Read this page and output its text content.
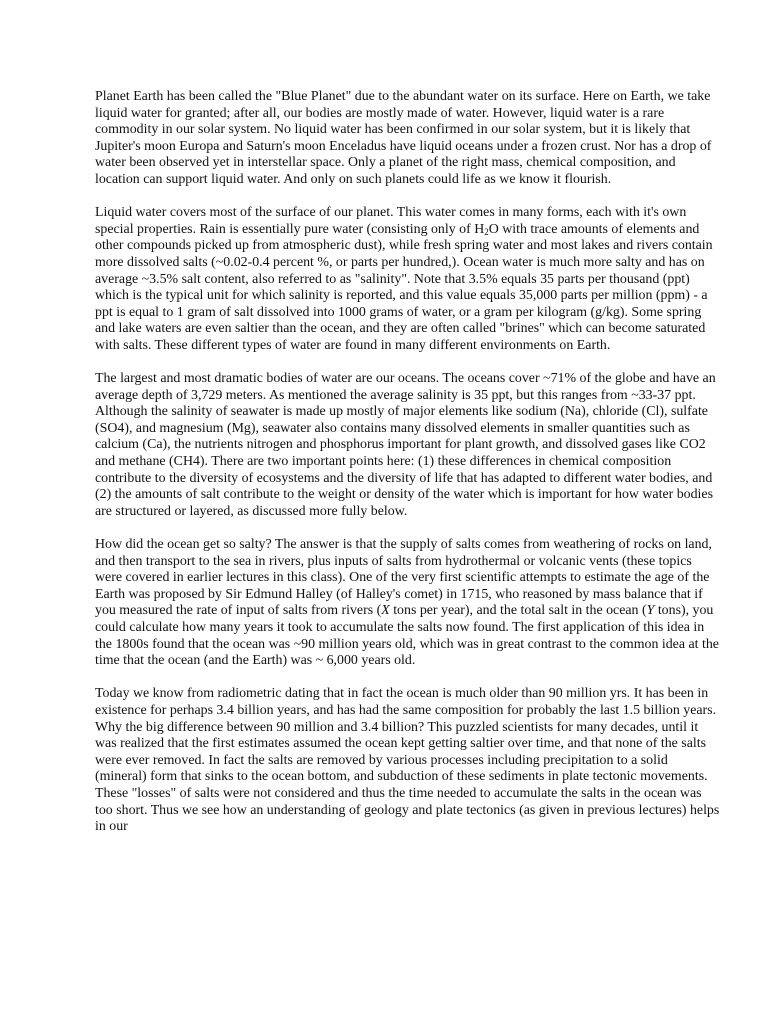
Planet Earth has been called the "Blue Planet" due to the abundant water on its surface. Here on Earth, we take liquid water for granted; after all, our bodies are mostly made of water. However, liquid water is a rare commodity in our solar system. No liquid water has been confirmed in our solar system, but it is likely that Jupiter's moon Europa and Saturn's moon Enceladus have liquid oceans under a frozen crust. Nor has a drop of water been observed yet in interstellar space. Only a planet of the right mass, chemical composition, and location can support liquid water. And only on such planets could life as we know it flourish.

Liquid water covers most of the surface of our planet. This water comes in many forms, each with it's own special properties. Rain is essentially pure water (consisting only of $H_2O$ with trace amounts of elements and other compounds picked up from atmospheric dust), while fresh spring water and most lakes and rivers contain more dissolved salts (~0.02-0.4 percent %, or parts per hundred,). Ocean water is much more salty and has on average ~3.5% salt content, also referred to as "salinity". Note that 3.5% equals 35 parts per thousand (ppt) which is the typical unit for which salinity is reported, and this value equals 35,000 parts per million (ppm) - a ppt is equal to 1 gram of salt dissolved into 1000 grams of water, or a gram per kilogram (g/kg). Some spring and lake waters are even saltier than the ocean, and they are often called "brines" which can become saturated with salts. These different types of water are found in many different environments on Earth.

The largest and most dramatic bodies of water are our oceans. The oceans cover ~71% of the globe and have an average depth of 3,729 meters. As mentioned the average salinity is 35 ppt, but this ranges from ~33-37 ppt. Although the salinity of seawater is made up mostly of major elements like sodium (Na), chloride (Cl), sulfate (SO4), and magnesium (Mg), seawater also contains many dissolved elements in smaller quantities such as calcium (Ca), the nutrients nitrogen and phosphorus important for plant growth, and dissolved gases like CO2 and methane (CH4). There are two important points here: (1) these differences in chemical composition contribute to the diversity of ecosystems and the diversity of life that has adapted to different water bodies, and (2) the amounts of salt contribute to the weight or density of the water which is important for how water bodies are structured or layered, as discussed more fully below.

How did the ocean get so salty? The answer is that the supply of salts comes from weathering of rocks on land, and then transport to the sea in rivers, plus inputs of salts from hydrothermal or volcanic vents (these topics were covered in earlier lectures in this class). One of the very first scientific attempts to estimate the age of the Earth was proposed by Sir Edmund Halley (of Halley's comet) in 1715, who reasoned by mass balance that if you measured the rate of input of salts from rivers (X tons per year), and the total salt in the ocean (Y tons), you could calculate how many years it took to accumulate the salts now found. The first application of this idea in the 1800s found that the ocean was ~90 million years old, which was in great contrast to the common idea at the time that the ocean (and the Earth) was ~ 6,000 years old.

Today we know from radiometric dating that in fact the ocean is much older than 90 million yrs. It has been in existence for perhaps 3.4 billion years, and has had the same composition for probably the last 1.5 billion years. Why the big difference between 90 million and 3.4 billion? This puzzled scientists for many decades, until it was realized that the first estimates assumed the ocean kept getting saltier over time, and that none of the salts were ever removed. In fact the salts are removed by various processes including precipitation to a solid (mineral) form that sinks to the ocean bottom, and subduction of these sediments in plate tectonic movements. These "losses" of salts were not considered and thus the time needed to accumulate the salts in the ocean was too short. Thus we see how an understanding of geology and plate tectonics (as given in previous lectures) helps in our
